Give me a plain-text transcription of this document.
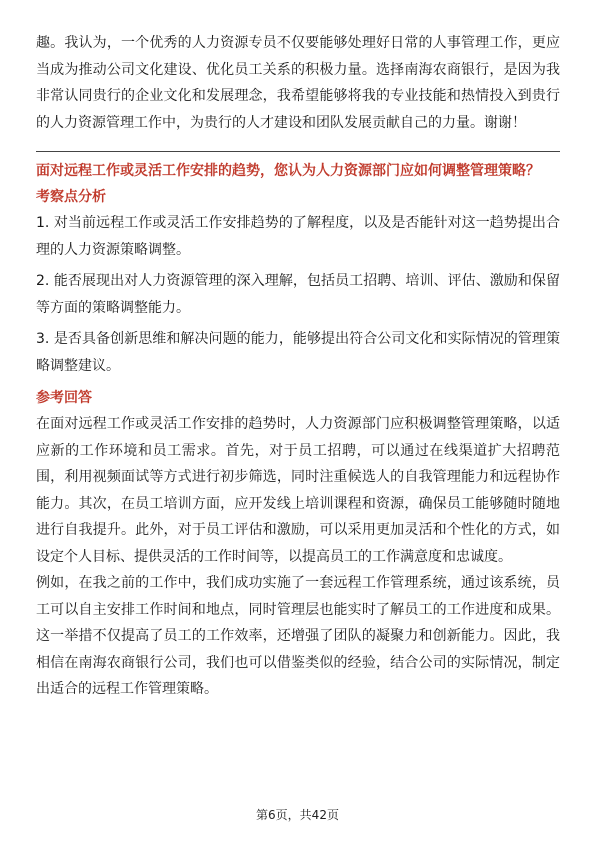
趣。我认为，一个优秀的人力资源专员不仅要能够处理好日常的人事管理工作，更应当成为推动公司文化建设、优化员工关系的积极力量。选择南海农商银行，是因为我非常认同贵行的企业文化和发展理念，我希望能够将我的专业技能和热情投入到贵行的人力资源管理工作中，为贵行的人才建设和团队发展贡献自己的力量。谢谢！

面对远程工作或灵活工作安排的趋势，您认为人力资源部门应如何调整管理策略？

考察点分析

1. 对当前远程工作或灵活工作安排趋势的了解程度，以及是否能针对这一趋势提出合理的人力资源策略调整。

2. 能否展现出对人力资源管理的深入理解，包括员工招聘、培训、评估、激励和保留等方面的策略调整能力。

3. 是否具备创新思维和解决问题的能力，能够提出符合公司文化和实际情况的管理策略调整建议。

参考回答

在面对远程工作或灵活工作安排的趋势时，人力资源部门应积极调整管理策略，以适应新的工作环境和员工需求。首先，对于员工招聘，可以通过在线渠道扩大招聘范围，利用视频面试等方式进行初步筛选，同时注重候选人的自我管理能力和远程协作能力。其次，在员工培训方面，应开发线上培训课程和资源，确保员工能够随时随地进行自我提升。此外，对于员工评估和激励，可以采用更加灵活和个性化的方式，如设定个人目标、提供灵活的工作时间等，以提高员工的工作满意度和忠诚度。

例如，在我之前的工作中，我们成功实施了一套远程工作管理系统，通过该系统，员工可以自主安排工作时间和地点，同时管理层也能实时了解员工的工作进度和成果。这一举措不仅提高了员工的工作效率，还增强了团队的凝聚力和创新能力。因此，我相信在南海农商银行公司，我们也可以借鉴类似的经验，结合公司的实际情况，制定出适合的远程工作管理策略。

第6页，共42页
